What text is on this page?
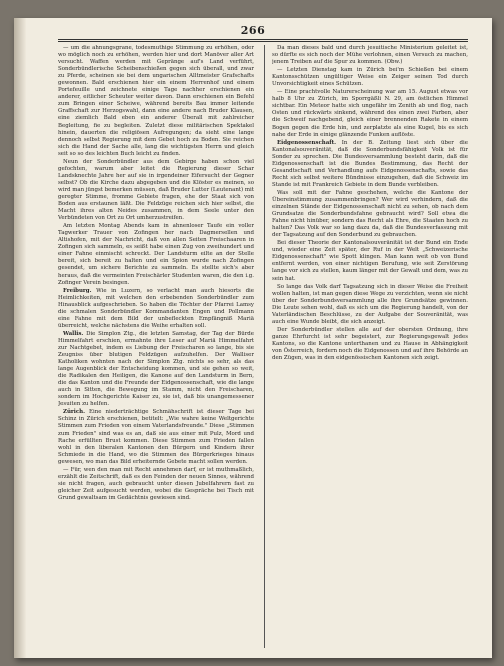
266

— um die ahnungsgrane, todesmuthige Stimmung zu erhöhen, oder wo möglich noch zu erhöhen, werden hier und dort Manöver aller Art versucht. Waffen werden mit Gepränge auf's Land verführt, Sonderbündlerische Scheibenschießen gegen sich überall, und zwar zu Pferde, scheinen sie bei dem ungarischen Alltmeister Grafschafts gewonnen. Bald erschienen hier ein einem Herrenhof und einem Portefeuille und zeichnete einige Tage nachher erschienen ein anderer, eitlicher Scheuter weiter davon. Dann erschienen ein Befehl zum Bringen einer Scheiwe, während bereits Bau immer leitende Graffschaft zur Herzogswahl, dann eine andere nach Bruder Klausen, eine ziemlich Bald eben ein anderer Überall mit zahlreicher Begleitung, fie zu begleiten. Zuletzt diese militärischen Spektakel hinein, dauerten die religiösen Aufregungen; da sieht eine lange dennoch selbst Regierung mit dem Gebet hoch zu Boden. Sie reichen sich die Hand der Sache alle, lang die wichtigsten Herrn und gleich seit so so des leichten Buch leicht zu finden.

Neun der Sonderbündler aus dem Gebirge haben schon viel gefochten, warum aber leitet die Regierung dieser Schar Landsknechte Jahre her auf sie in irgendeiner Eifersucht der Gegner selbst? Ob die Kirche dazu abgegeben und die Klöster es meinen, so wird man jüngst bemerken müssen, daß Bruder Lutter (Leutenant) mit geregter Stimme, fromme Gebiete fragen, ehe der Staat sich von Boden aus erstaunen läßt. Die Feldzüge reichen sich hier selbst, die Macht ihres alten Neides zusammen, in dem Seele unter den Verbündeten von Ort zu Ort umherzustreifen.

Am letzten Montag Abends kam in ahnenloser Taufe ein voller Tagwerker Trauer von Zofingen her nach Dagmersellen und Altishofen, mit der Nachricht, daß von allen Seiten Freischaaren in Zofingen sich sammeln, es seißt habe einen Zug von zweihundert und einer Fahne einmischt schreckt. Der Landsturm eilte an der Stelle bereit, sich bereit zu halten und ein Spion wurde nach Zofingen gesendet, um sichere Berichte zu sammeln. Es stellte sich's aber heraus, daß die vermeinten Freischärler Studenten waren, die den i.g. Zofinger Verein besingen.

Freiburg. Wie in Luzern, so verlacht man auch hiesorts die Heimlichkeiten, mit welchen den erbebenden Sonderbündler zum Hinausblick aufgeschrieben. So haben die Töchter der Pfarrei Lamsy die schmalen Sonderbündler Kommandanten Engen und Pollmann eine Fahne mit dem Bild der unbefleckten Empfängniß Mariä überreicht, welche nächstens die Weihe erhalten soll.

Wallis. Die Simplon Ztg., die letzten Samstag, der Tag der Bürde Himmelfahrt erschien, ermahnte ihre Leser auf Mariä Himmelfahrt zur Nachtgebet, indem es Liebung der Freischaren so lange, bis sie Zeugniss über blutigen Feldzügen aufzuhelfen. Der Walliser Katholiken wohnten nach der Simplon Ztg. nichts so sehr, als das lange Augenblick der Entscheidung kommen, und sie gehen so weit, die Radikalen den Heiligen, die Kanone auf den Landsturm in Bern, die das Kanton und die Freunde der Eidgenossenschaft, wie die lange auch in Sitten, die Bewegung im Stamm, nicht den Freischaren, sondern im Hochgerichte Kaiser zu, sie ist, daß bis unangemessener Jesuiten zu helfen.

Zürich. Eine niederträchtige Schmähschrift ist dieser Tage bei Schinz in Zürich erschienen, betitelt: „Wie wahre keine Weltgerichte Stimmen zum Frieden von einem Vaterlandsfreunde." Diese „Stimmen zum Frieden" sind was es an, daß sie aus einer mit Pulz, Mord und Rache erfüllten Brust kommen. Diese Stimmen zum Frieden fallen wohl in den liberalen Kantonen den Bürgern und Kindern ihrer Schmiede in die Hand, wo die Stimmen des Bürgerkrieges hinaus gewesen, wo man das Bild erheiternde Gebete macht sollen werden.

— Für, wen den man mit Recht annehmen darf, er ist muthmaßlich, erzählt die Zeitschrift, daß es den Feinden der neuen Sinnes, während sie nicht fragen, auch gebraucht unter diesen Jubelfahrern fast zu gleicher Zeit aufgesucht werden, wobei die Gespräche bei Tisch mit Grund gewaltsam im Gedächtnis gewiesen sind.

Da man dieses bald und durch jesuitische Ministerium geleitet ist, so dürfte es sich noch der Mühe verlohnen, einen Versuch zu machen, jenem Treiben auf die Spur zu kommen. (Obw.)

— Letzten Dienstag kam in Zürich bei'm Schießen bei einem Kantonsschützen ungültiger Weise ein Zeiger seinen Tod durch Unvorsichtigkeit eines Schützen.

— Eine prachtvolle Naturerscheinung war am 15. August etwas vor halb 8 Uhr zu Zürich, im Sporrgäßli N. 29, am östlichen Himmel sichtbar. Ein Meteor hatte sich ungefähr im Zenith ab und flog, nach Osten und rückwärts sinkend, während des einen zwei Farben, aber die Schweif nachgebend, gleich einer brennenden Rakete in einem Bogen gegen die Erde hin, und zerplatzte als eine Kugel, bis es sich nahe der Erde in einige glänzende Funken auflöste.

Eidgenossenschaft. In der B. Zeitung liest sich über die Kantonalsouveränität, daß die Sonderbundsfähigkeit Volk ist für Sonder zu sprechen. Die Bundesversammlung besteht darin, daß die Eidgenossenschaft ist die Bundes Bestimmung, das Recht der Gesandtschaft und Verhandlung aufs Eidgenossenschafts, sowie das Recht sich selbst weitere Bündnisse einzugehen, daß die Schweiz im Stande ist mit Frankreich Gebiete in dem Bunde verbleiben.

Was soll mit der Fahne geschehen, welche die Kantone der Übereinstimmung zusammenbringen? Wer wird verhindern, daß die einzelnen Stände der Eidgenossenschaft nicht zu sehen, ob nach dem Grundsatze die Sonderbundsfahne gebraucht wird? Soll etwa die Fahne nicht hinüber, sondern das Recht als Ehre, die Staaten hoch zu halten? Das Volk war so lang dazu da, daß die Bundesverfassung mit der Tagsatzung auf den Sonderbund zu gebrauchen.

Bei dieser Theorie der Kantonalsouveränität ist der Bund ein Ende und, wieder eine Zeit später, der Ruf in der Welt „Schweizerische Eidgenossenschaft" wie Spott klingen. Man kann weit ob von Bund entfernt werden, von einer nichtigen Berufung, wie seit Zerstörung lange vor sich zu stellen, kaum länger mit der Gewalt und dem, was zu sein hat.

So lange das Volk darf Tagsatzung sich in dieser Weise die Freiheit wollen halten, ist man gegen diese Wege zu verzichten, wenn sie nicht über der Sonderbundsversammlung alle ihre Grundsätze gewinnen. Die Leute sehen wohl, daß es sich um die Regierung handelt, von der Vaterländischen Beschlüsse, zu der Aufgabe der Souveränität, was auch eine Wunde bleibt, die sich anzeigt.

Der Sonderbündler stellen alle auf der obersten Ordnung, ihre ganze Ehrfurcht ist sehr begeistert, zur Regierungsgewalt jedes Kantons, so die Kantone unterthanen und zu Hause in Abhängigkeit von Österreich, fordern noch die Eidgenossen und auf ihre Behörde an den Zügen, was in den eidgenössischen Kantonen sich zeigt.
